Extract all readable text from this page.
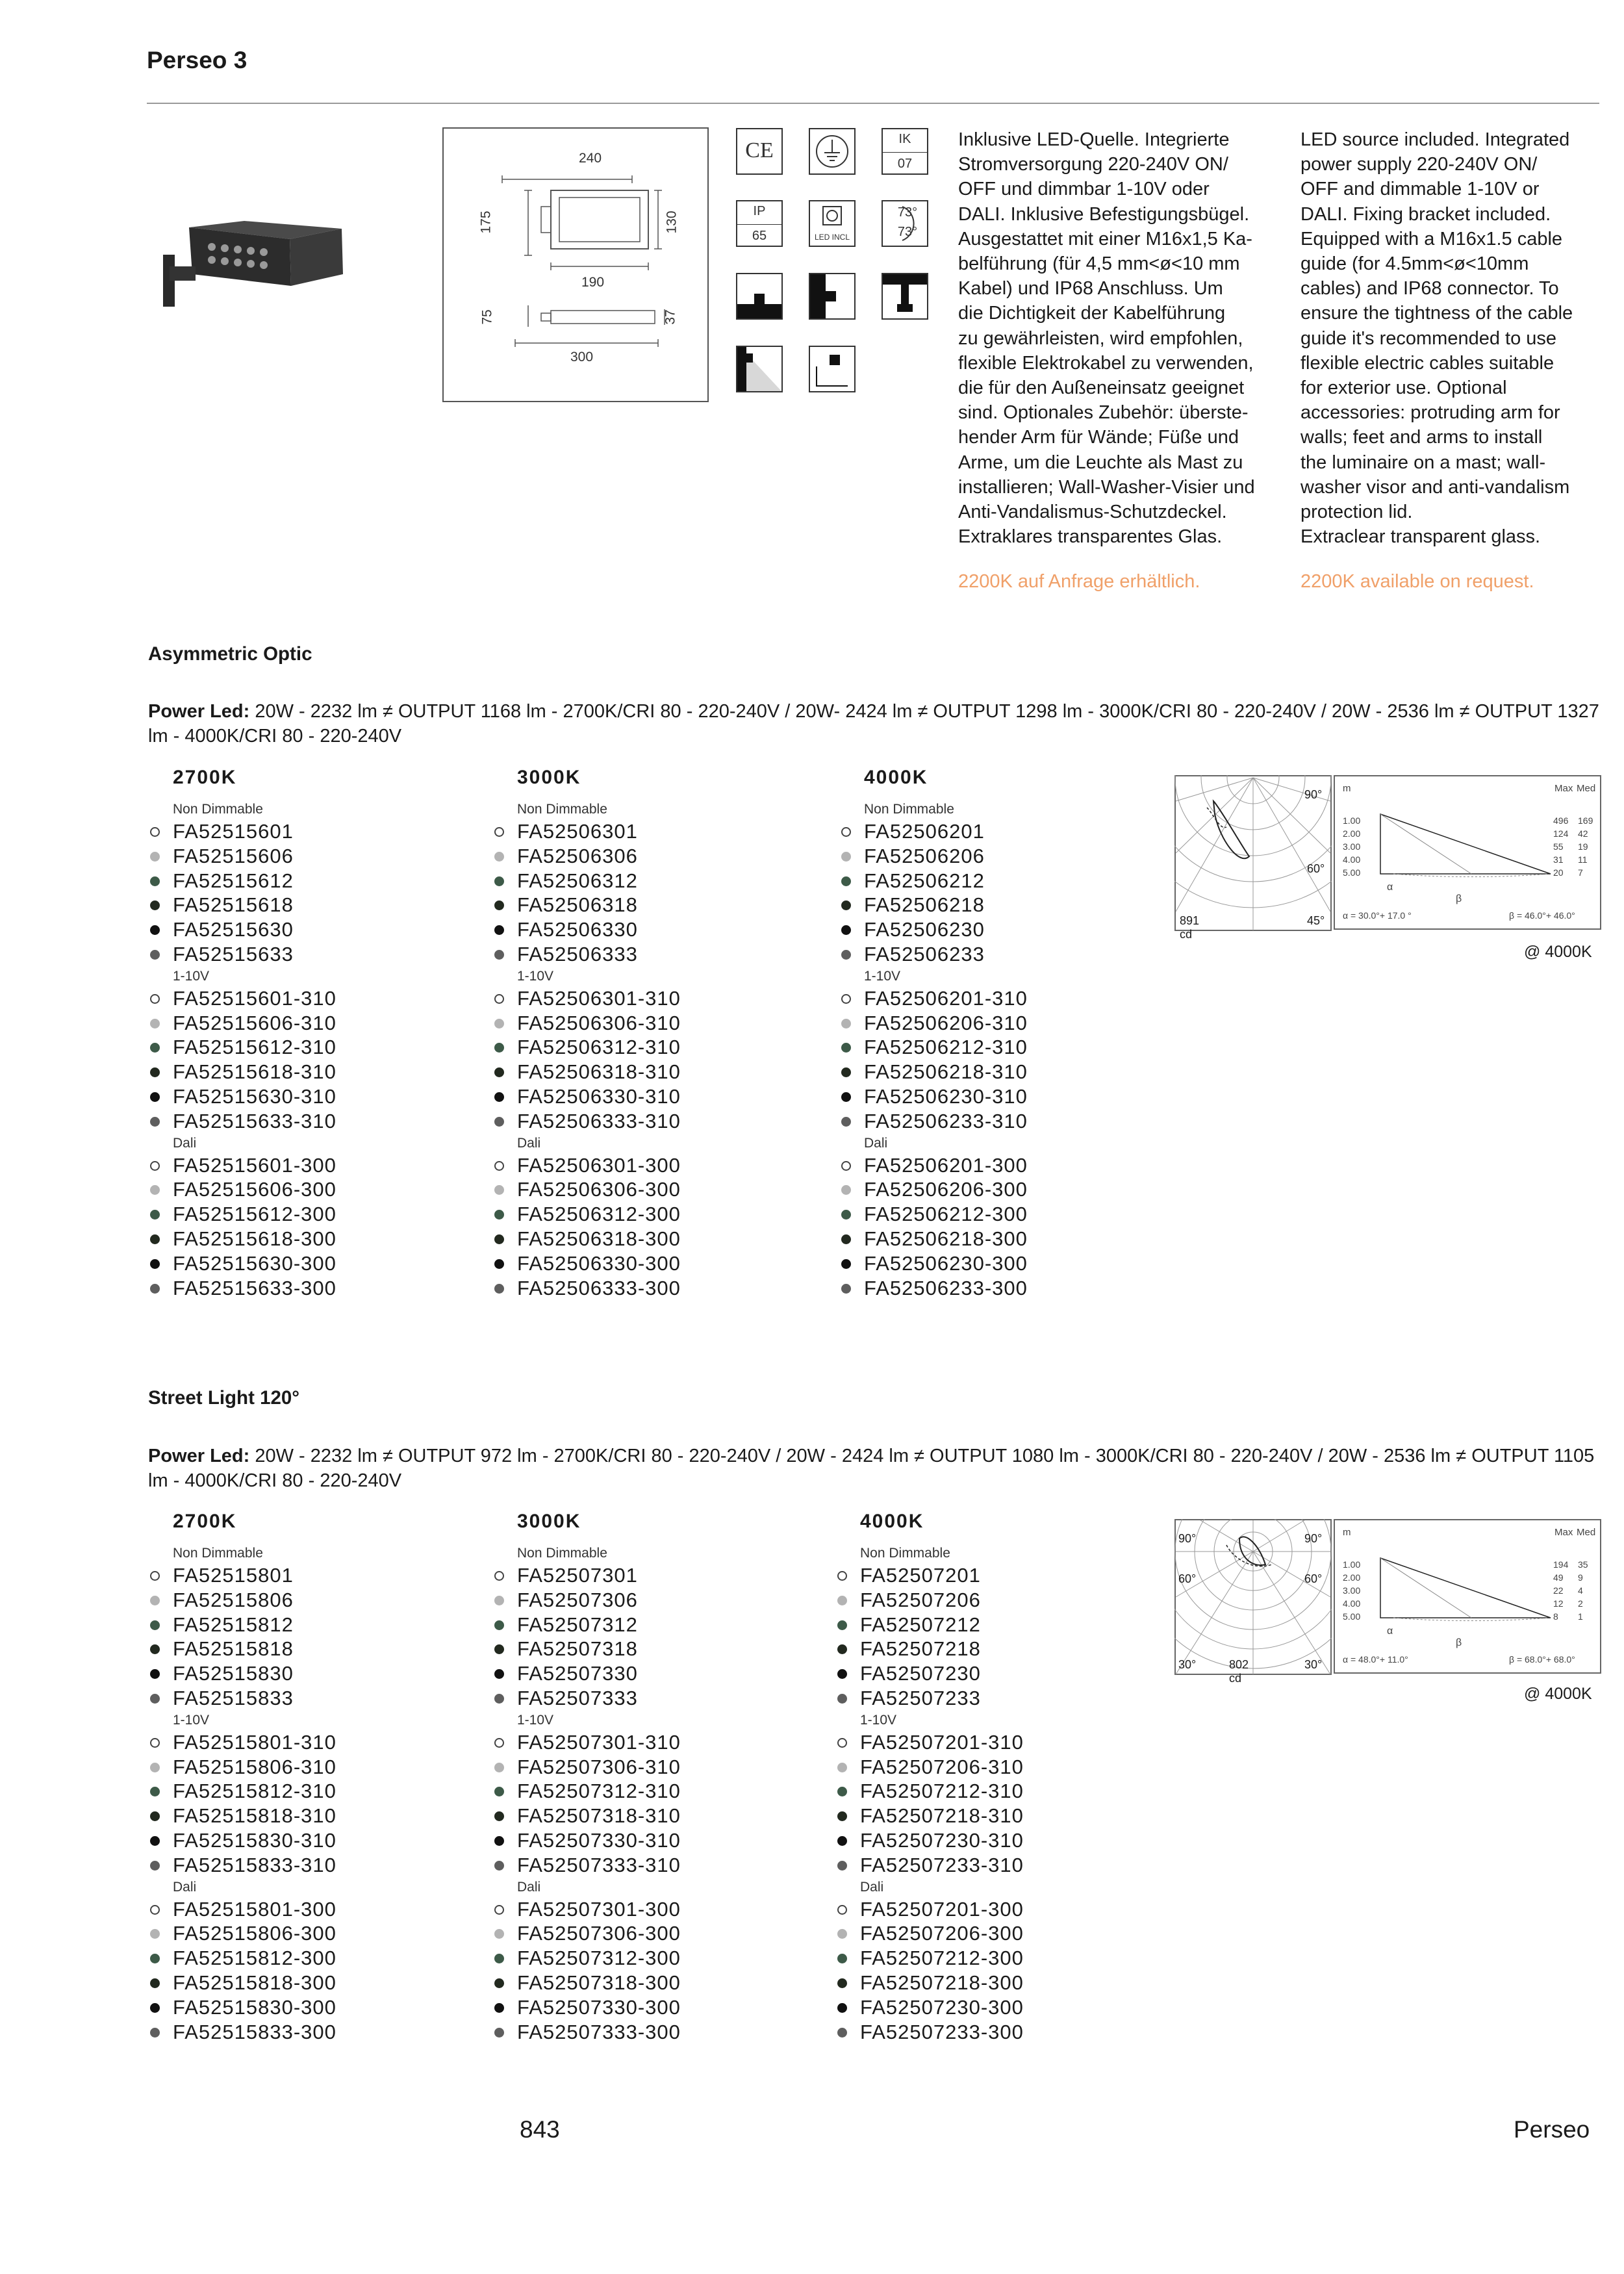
Perseo 3
240
175	130
190
75	37
300
CE	IK
07
IP
65	LED INCL
73°
73°
Inklusive LED-Quelle. Integrierte
Stromversorgung 220-240V ON/
OFF und dimmbar 1-10V oder
DALI. Inklusive Befestigungsbügel.
Ausgestattet mit einer M16x1,5 Ka-
belführung (für 4,5 mm<ø<10 mm
Kabel) und IP68 Anschluss. Um
die Dichtigkeit der Kabelführung
zu gewährleisten, wird empfohlen,
flexible Elektrokabel zu verwenden,
die für den Außeneinsatz geeignet
sind. Optionales Zubehör: überste-
hender Arm für Wände; Füße und
Arme, um die Leuchte als Mast zu
installieren; Wall-Washer-Visier und
Anti-Vandalismus-Schutzdeckel.
Extraklares transparentes Glas.
LED source included. Integrated
power supply 220-240V ON/
OFF and dimmable 1-10V or
DALI. Fixing bracket included.
Equipped with a M16x1.5 cable
guide (for 4.5mm<ø<10mm
cables) and IP68 connector. To
ensure the tightness of the cable
guide it's recommended to use
flexible electric cables suitable
for exterior use. Optional
accessories: protruding arm for
walls; feet and arms to install
the luminaire on a mast; wall-
washer visor and anti-vandalism
protection lid.
Extraclear transparent glass.
2200K auf Anfrage erhältlich.	2200K available on request.
Asymmetric Optic
Power Led: 20W - 2232 lm ≠ OUTPUT 1168 lm - 2700K/CRI 80 - 220-240V / 20W- 2424 lm ≠ OUTPUT 1298 lm - 3000K/CRI 80 - 220-240V / 20W - 2536 lm ≠ OUTPUT 1327 lm - 4000K/CRI 80 - 220-240V
2700K
Non Dimmable
FA52515601
FA52515606
FA52515612
FA52515618
FA52515630
FA52515633
1-10V
FA52515601-310
FA52515606-310
FA52515612-310
FA52515618-310
FA52515630-310
FA52515633-310
Dali
FA52515601-300
FA52515606-300
FA52515612-300
FA52515618-300
FA52515630-300
FA52515633-300
3000K
Non Dimmable
FA52506301
FA52506306
FA52506312
FA52506318
FA52506330
FA52506333
1-10V
FA52506301-310
FA52506306-310
FA52506312-310
FA52506318-310
FA52506330-310
FA52506333-310
Dali
FA52506301-300
FA52506306-300
FA52506312-300
FA52506318-300
FA52506330-300
FA52506333-300
4000K
Non Dimmable
FA52506201
FA52506206
FA52506212
FA52506218
FA52506230
FA52506233
1-10V
FA52506201-310
FA52506206-310
FA52506212-310
FA52506218-310
FA52506230-310
FA52506233-310
Dali
FA52506201-300
FA52506206-300
FA52506212-300
FA52506218-300
FA52506230-300
FA52506233-300
Street Light 120°
Power Led: 20W - 2232 lm ≠ OUTPUT 972 lm - 2700K/CRI 80 - 220-240V / 20W - 2424 lm ≠ OUTPUT 1080 lm - 3000K/CRI 80 - 220-240V / 20W - 2536 lm ≠ OUTPUT 1105 lm - 4000K/CRI 80 - 220-240V
2700K
Non Dimmable
FA52515801
FA52515806
FA52515812
FA52515818
FA52515830
FA52515833
1-10V
FA52515801-310
FA52515806-310
FA52515812-310
FA52515818-310
FA52515830-310
FA52515833-310
Dali
FA52515801-300
FA52515806-300
FA52515812-300
FA52515818-300
FA52515830-300
FA52515833-300
3000K
Non Dimmable
FA52507301
FA52507306
FA52507312
FA52507318
FA52507330
FA52507333
1-10V
FA52507301-310
FA52507306-310
FA52507312-310
FA52507318-310
FA52507330-310
FA52507333-310
Dali
FA52507301-300
FA52507306-300
FA52507312-300
FA52507318-300
FA52507330-300
FA52507333-300
4000K
Non Dimmable
FA52507201
FA52507206
FA52507212
FA52507218
FA52507230
FA52507233
1-10V
FA52507201-310
FA52507206-310
FA52507212-310
FA52507218-310
FA52507230-310
FA52507233-310
Dali
FA52507201-300
FA52507206-300
FA52507212-300
FA52507218-300
FA52507230-300
FA52507233-300
90°
60°
45°
891 cd
m	Max Med
1.00	496 169
2.00	124 42
3.00	55 19
4.00	31 11
5.00	20 7
α
β
α = 30.0°+ 17.0 °	β = 46.0°+ 46.0°
@ 4000K
90°	90°
60°	60°
30°	30°
802 cd
m	Max Med
1.00	194 35
2.00	49 9
3.00	22 4
4.00	12 2
5.00	8 1
α
β
α = 48.0°+ 11.0°	β = 68.0°+ 68.0°
@ 4000K
843	Perseo
